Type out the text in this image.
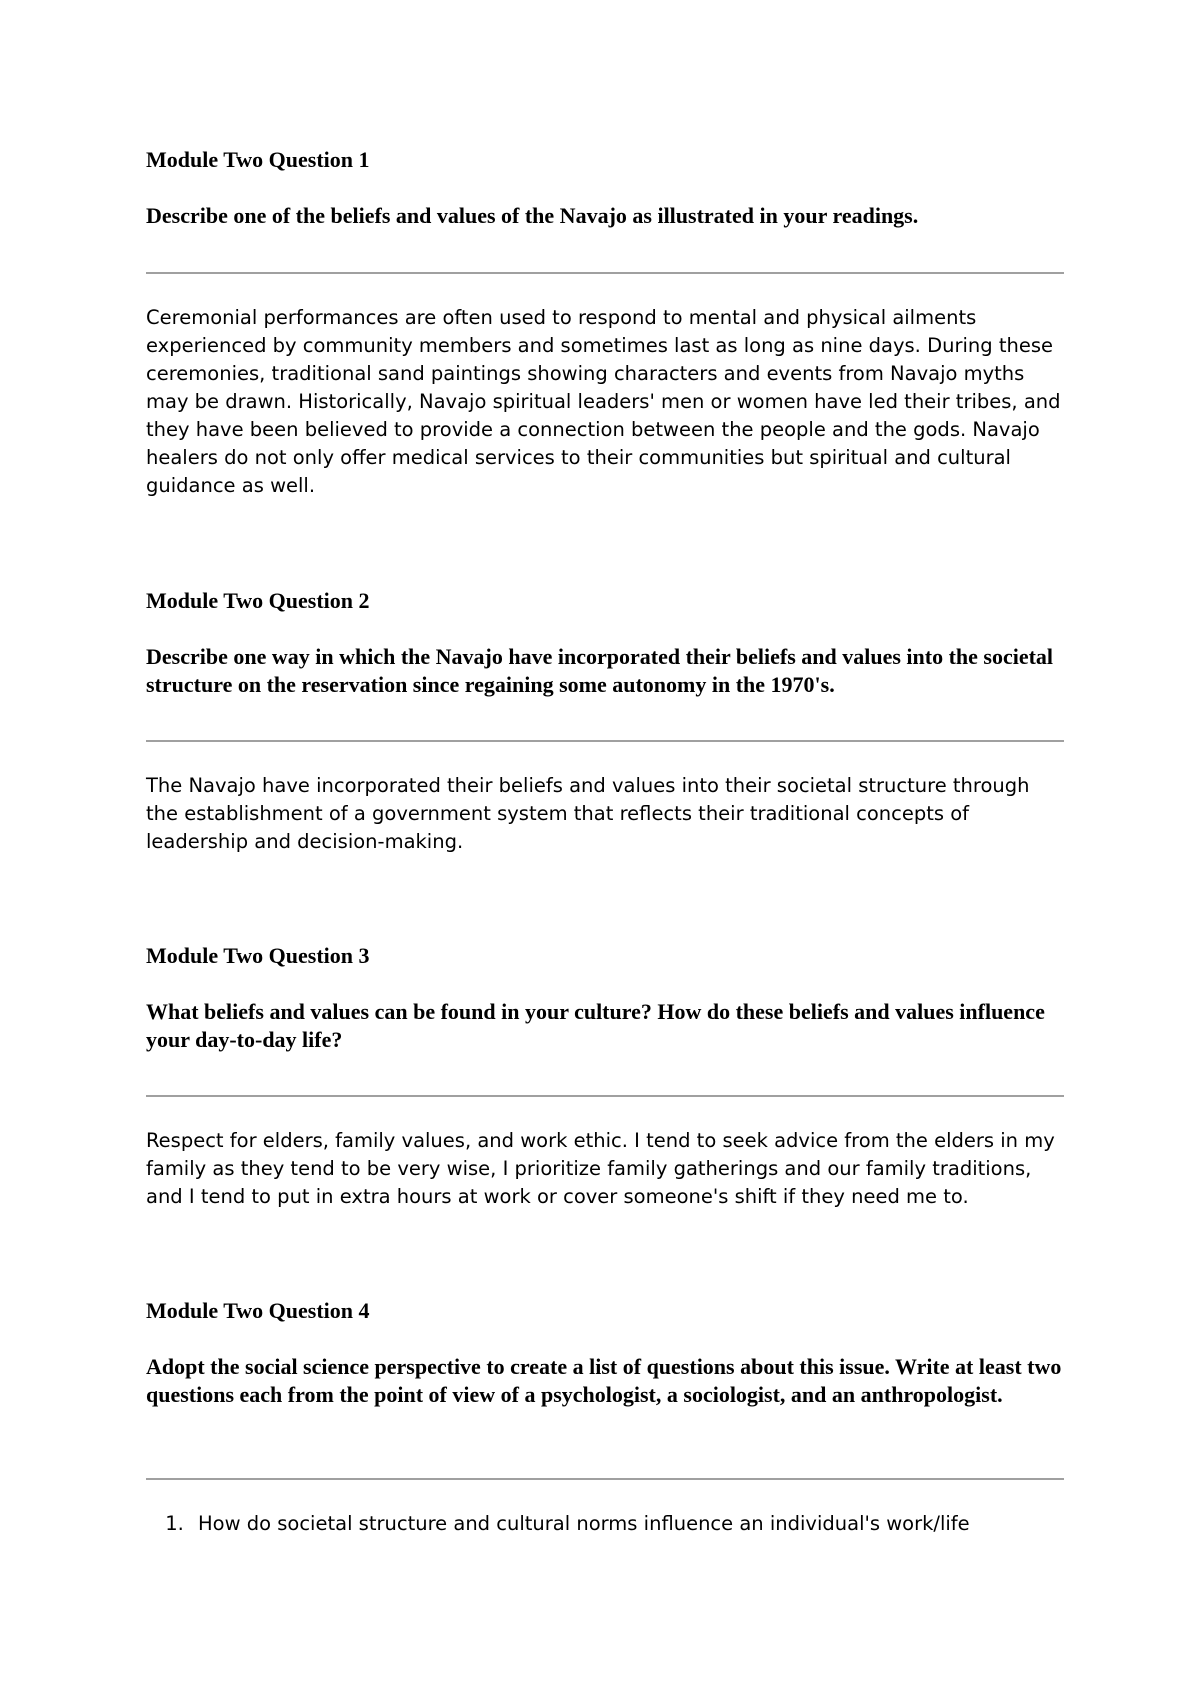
Module Two Question 1

Describe one of the beliefs and values of the Navajo as illustrated in your readings.

Ceremonial performances are often used to respond to mental and physical ailments experienced by community members and sometimes last as long as nine days. During these ceremonies, traditional sand paintings showing characters and events from Navajo myths may be drawn. Historically, Navajo spiritual leaders' men or women have led their tribes, and they have been believed to provide a connection between the people and the gods. Navajo healers do not only offer medical services to their communities but spiritual and cultural guidance as well.

Module Two Question 2

Describe one way in which the Navajo have incorporated their beliefs and values into the societal structure on the reservation since regaining some autonomy in the 1970's.

The Navajo have incorporated their beliefs and values into their societal structure through the establishment of a government system that reflects their traditional concepts of leadership and decision-making.

Module Two Question 3

What beliefs and values can be found in your culture? How do these beliefs and values influence your day-to-day life?

Respect for elders, family values, and work ethic. I tend to seek advice from the elders in my family as they tend to be very wise, I prioritize family gatherings and our family traditions, and I tend to put in extra hours at work or cover someone's shift if they need me to.

Module Two Question 4

Adopt the social science perspective to create a list of questions about this issue. Write at least two questions each from the point of view of a psychologist, a sociologist, and an anthropologist.

1. How do societal structure and cultural norms influence an individual's work/life
